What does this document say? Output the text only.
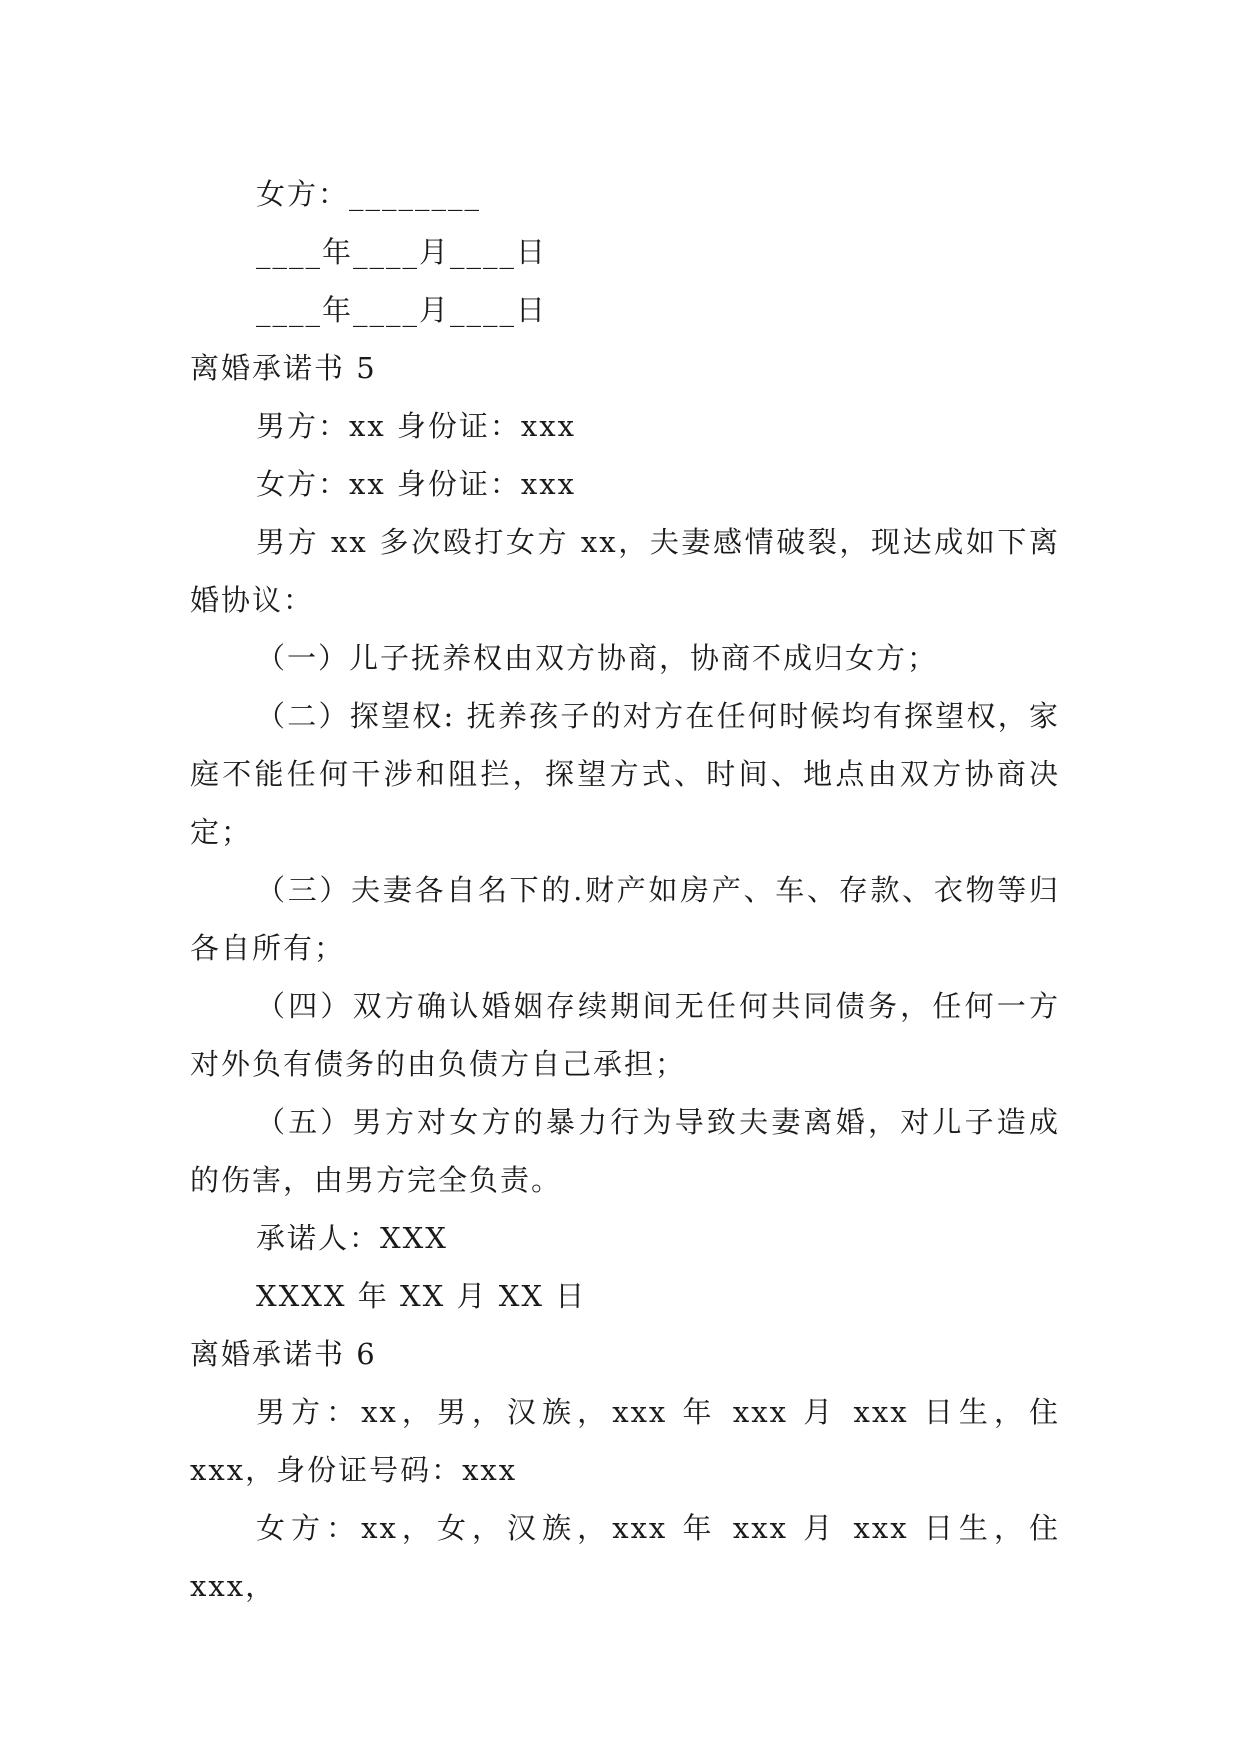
女方：________
____年____月____日
____年____月____日
离婚承诺书 5
男方：xx 身份证：xxx
女方：xx 身份证：xxx
男方 xx 多次殴打女方 xx，夫妻感情破裂，现达成如下离婚协议：
（一）儿子抚养权由双方协商，协商不成归女方；
（二）探望权: 抚养孩子的对方在任何时候均有探望权，家庭不能任何干涉和阻拦，探望方式、时间、地点由双方协商决定；
（三）夫妻各自名下的.财产如房产、车、存款、衣物等归各自所有；
（四）双方确认婚姻存续期间无任何共同债务，任何一方对外负有债务的由负债方自己承担；
（五）男方对女方的暴力行为导致夫妻离婚，对儿子造成的伤害，由男方完全负责。
承诺人：XXX
XXXX 年 XX 月 XX 日
离婚承诺书 6
男方：xx，男，汉族，xxx 年 xxx 月 xxx 日生，住 xxx，身份证号码：xxx
女方：xx，女，汉族，xxx 年 xxx 月 xxx 日生，住 xxx，
